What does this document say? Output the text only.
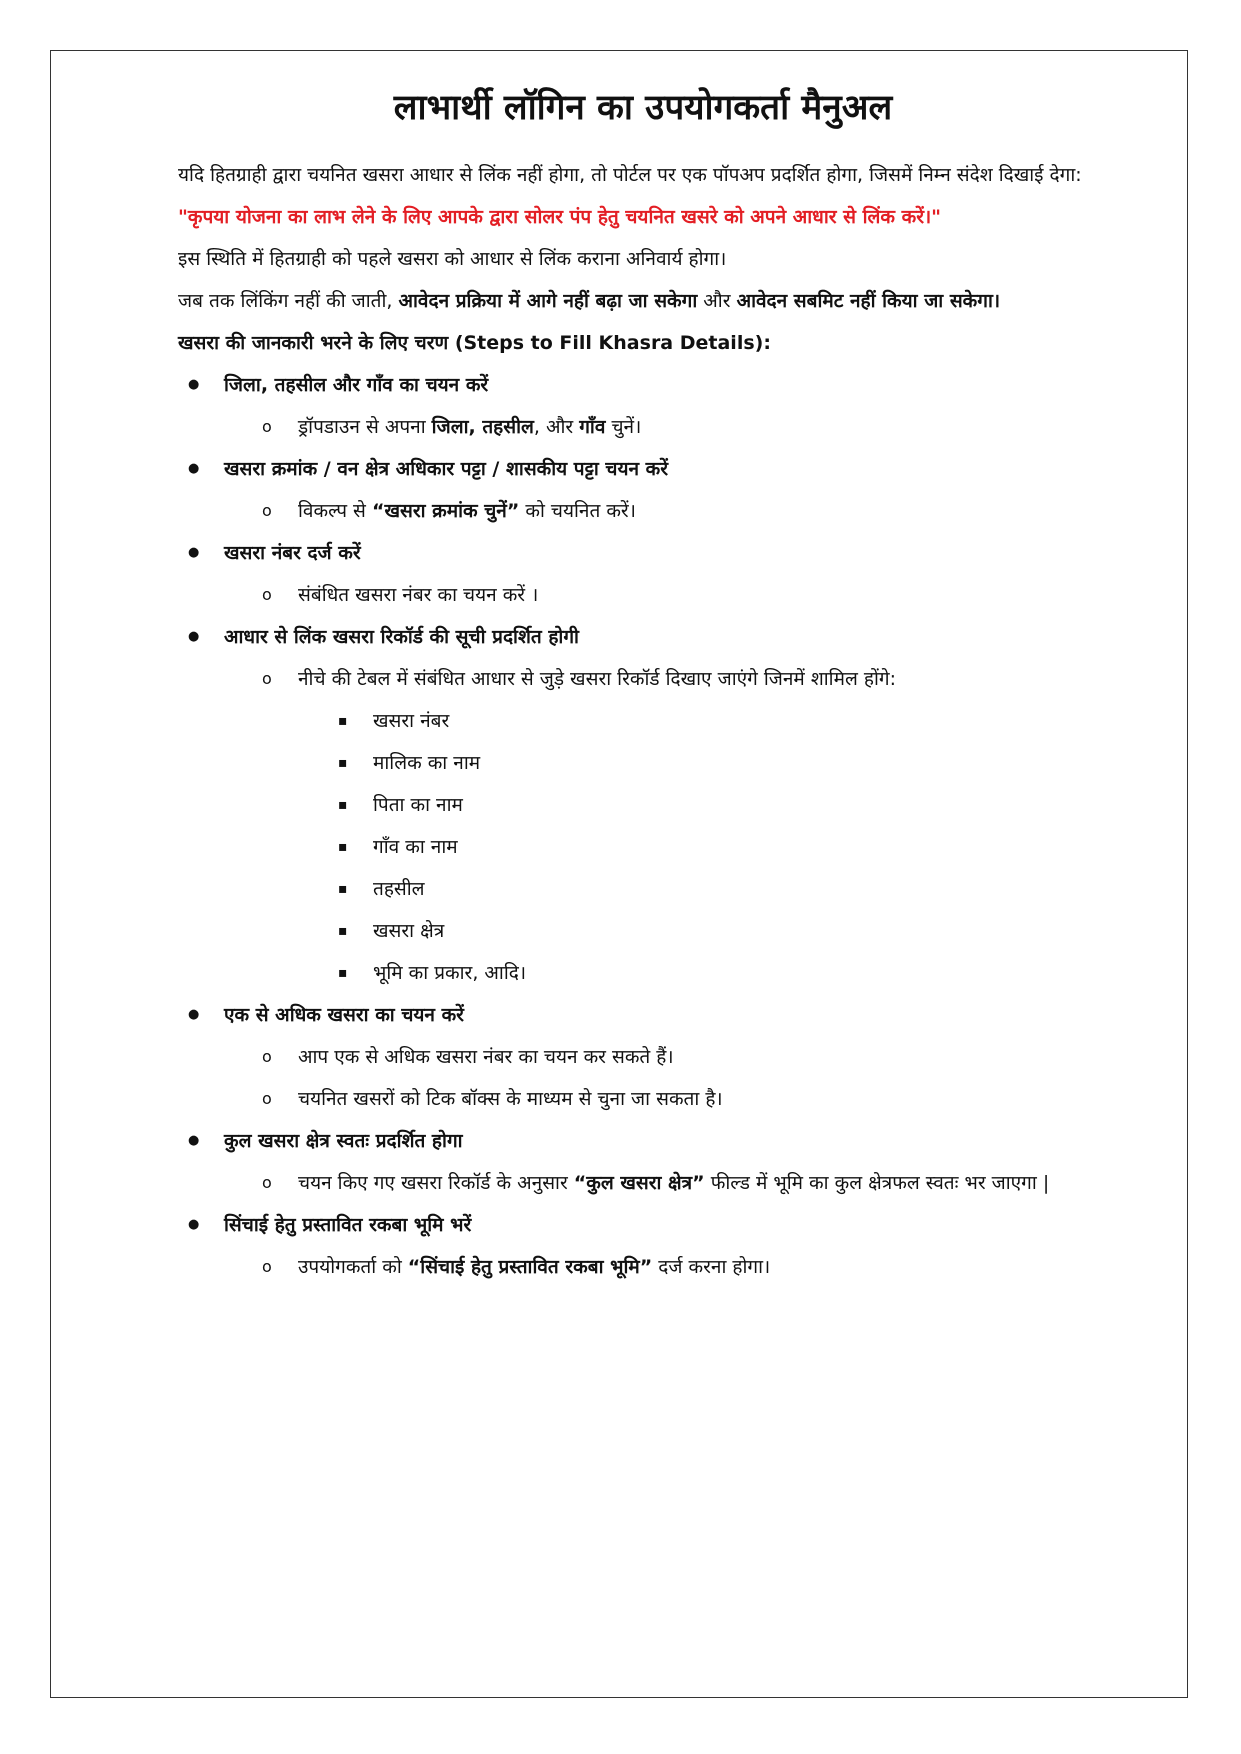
लाभार्थी लॉगिन का उपयोगकर्ता मैनुअल

यदि हितग्राही द्वारा चयनित खसरा आधार से लिंक नहीं होगा, तो पोर्टल पर एक पॉपअप प्रदर्शित होगा, जिसमें निम्न संदेश दिखाई देगा:

"कृपया योजना का लाभ लेने के लिए आपके द्वारा सोलर पंप हेतु चयनित खसरे को अपने आधार से लिंक करें।"

इस स्थिति में हितग्राही को पहले खसरा को आधार से लिंक कराना अनिवार्य होगा।

जब तक लिंकिंग नहीं की जाती, आवेदन प्रक्रिया में आगे नहीं बढ़ा जा सकेगा और आवेदन सबमिट नहीं किया जा सकेगा।

खसरा की जानकारी भरने के लिए चरण (Steps to Fill Khasra Details):

● जिला, तहसील और गाँव का चयन करें
o ड्रॉपडाउन से अपना जिला, तहसील, और गाँव चुनें।
● खसरा क्रमांक / वन क्षेत्र अधिकार पट्टा / शासकीय पट्टा चयन करें
o विकल्प से “खसरा क्रमांक चुनें” को चयनित करें।
● खसरा नंबर दर्ज करें
o संबंधित खसरा नंबर का चयन करें ।
● आधार से लिंक खसरा रिकॉर्ड की सूची प्रदर्शित होगी
o नीचे की टेबल में संबंधित आधार से जुड़े खसरा रिकॉर्ड दिखाए जाएंगे जिनमें शामिल होंगे:
▪ खसरा नंबर
▪ मालिक का नाम
▪ पिता का नाम
▪ गाँव का नाम
▪ तहसील
▪ खसरा क्षेत्र
▪ भूमि का प्रकार, आदि।
● एक से अधिक खसरा का चयन करें
o आप एक से अधिक खसरा नंबर का चयन कर सकते हैं।
o चयनित खसरों को टिक बॉक्स के माध्यम से चुना जा सकता है।
● कुल खसरा क्षेत्र स्वतः प्रदर्शित होगा
o चयन किए गए खसरा रिकॉर्ड के अनुसार “कुल खसरा क्षेत्र” फील्ड में भूमि का कुल क्षेत्रफल स्वतः भर जाएगा |
● सिंचाई हेतु प्रस्तावित रकबा भूमि भरें
o उपयोगकर्ता को “सिंचाई हेतु प्रस्तावित रकबा भूमि” दर्ज करना होगा।
